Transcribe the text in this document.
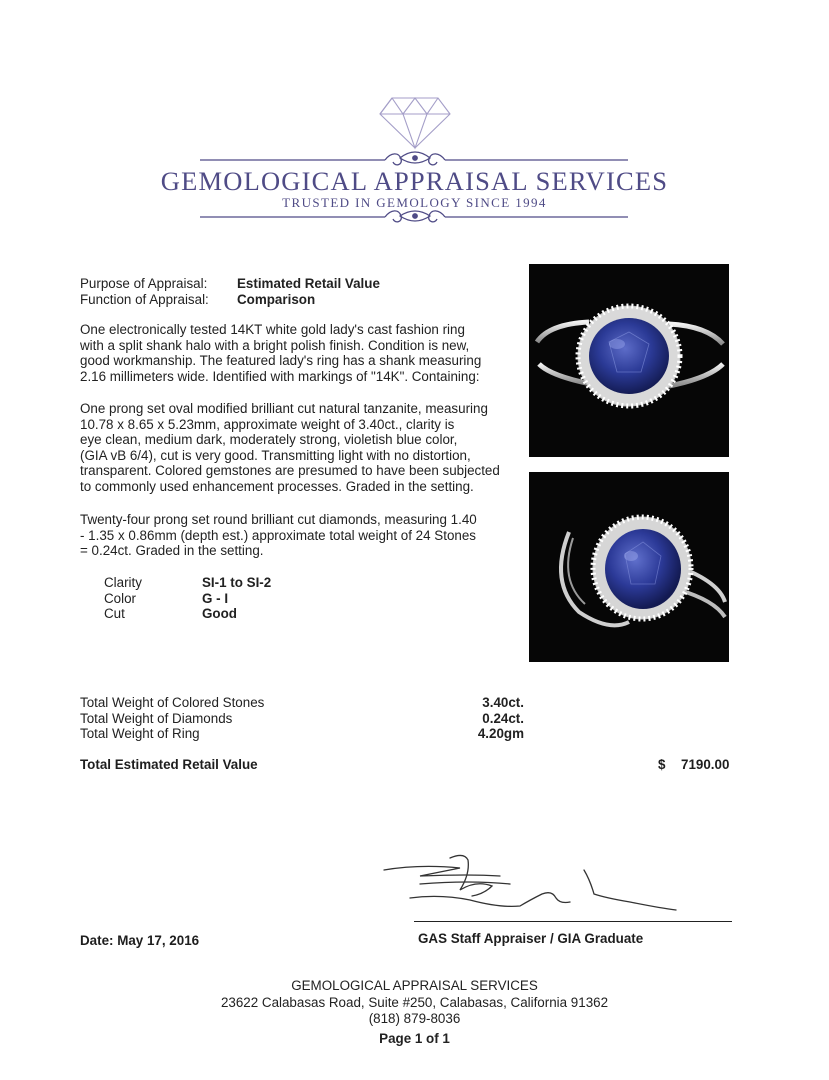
GEMOLOGICAL APPRAISAL SERVICES
TRUSTED IN GEMOLOGY SINCE 1994
Purpose of Appraisal: Estimated Retail Value
Function of Appraisal: Comparison
One electronically tested 14KT white gold lady's cast fashion ring
with a split shank halo with a bright polish finish. Condition is new,
good workmanship. The featured lady's ring has a shank measuring
2.16 millimeters wide. Identified with markings of "14K". Containing:
One prong set oval modified brilliant cut natural tanzanite, measuring
10.78 x 8.65 x 5.23mm, approximate weight of 3.40ct., clarity is
eye clean, medium dark, moderately strong, violetish blue color,
(GIA vB 6/4), cut is very good. Transmitting light with no distortion,
transparent. Colored gemstones are presumed to have been subjected
to commonly used enhancement processes. Graded in the setting.
Twenty-four prong set round brilliant cut diamonds, measuring 1.40
- 1.35 x 0.86mm (depth est.) approximate total weight of 24 Stones
= 0.24ct. Graded in the setting.
Clarity	SI-1 to SI-2
Color	G - I
Cut	Good
Total Weight of Colored Stones	3.40ct.
Total Weight of Diamonds	0.24ct.
Total Weight of Ring	4.20gm
Total Estimated Retail Value	$ 7190.00
Date: May 17, 2016	GAS Staff Appraiser / GIA Graduate
GEMOLOGICAL APPRAISAL SERVICES
23622 Calabasas Road, Suite #250, Calabasas, California 91362
(818) 879-8036
Page 1 of 1
